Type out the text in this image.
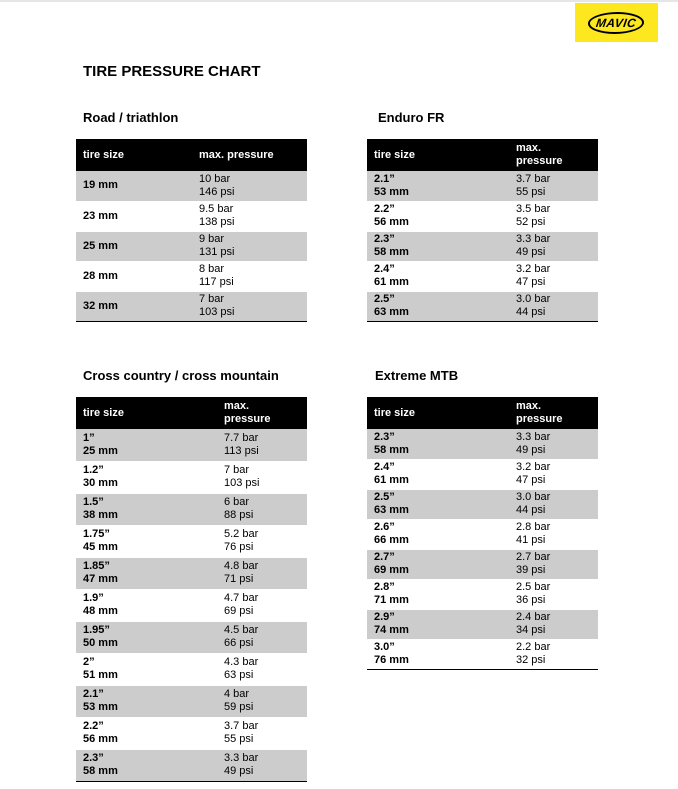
MAVIC
TIRE PRESSURE CHART
Road / triathlon
tire size	max. pressure

19 mm	10 bar
146 psi

23 mm	9.5 bar
138 psi

25 mm	9 bar
131 psi

28 mm	8 bar
117 psi

32 mm	7 bar
103 psi
Enduro FR
tire size	max. pressure

2.1”
53 mm	3.7 bar
55 psi

2.2”
56 mm	3.5 bar
52 psi

2.3”
58 mm	3.3 bar
49 psi

2.4”
61 mm	3.2 bar
47 psi

2.5”
63 mm	3.0 bar
44 psi
Cross country / cross mountain
tire size	max. pressure

1”
25 mm	7.7 bar
113 psi

1.2”
30 mm	7 bar
103 psi

1.5”
38 mm	6 bar
88 psi

1.75”
45 mm	5.2 bar
76 psi

1.85”
47 mm	4.8 bar
71 psi

1.9”
48 mm	4.7 bar
69 psi

1.95”
50 mm	4.5 bar
66 psi

2”
51 mm	4.3 bar
63 psi

2.1”
53 mm	4 bar
59 psi

2.2”
56 mm	3.7 bar
55 psi

2.3”
58 mm	3.3 bar
49 psi
Extreme MTB
tire size	max. pressure

2.3”
58 mm	3.3 bar
49 psi

2.4”
61 mm	3.2 bar
47 psi

2.5”
63 mm	3.0 bar
44 psi

2.6”
66 mm	2.8 bar
41 psi

2.7”
69 mm	2.7 bar
39 psi

2.8”
71 mm	2.5 bar
36 psi

2.9”
74 mm	2.4 bar
34 psi

3.0”
76 mm	2.2 bar
32 psi
